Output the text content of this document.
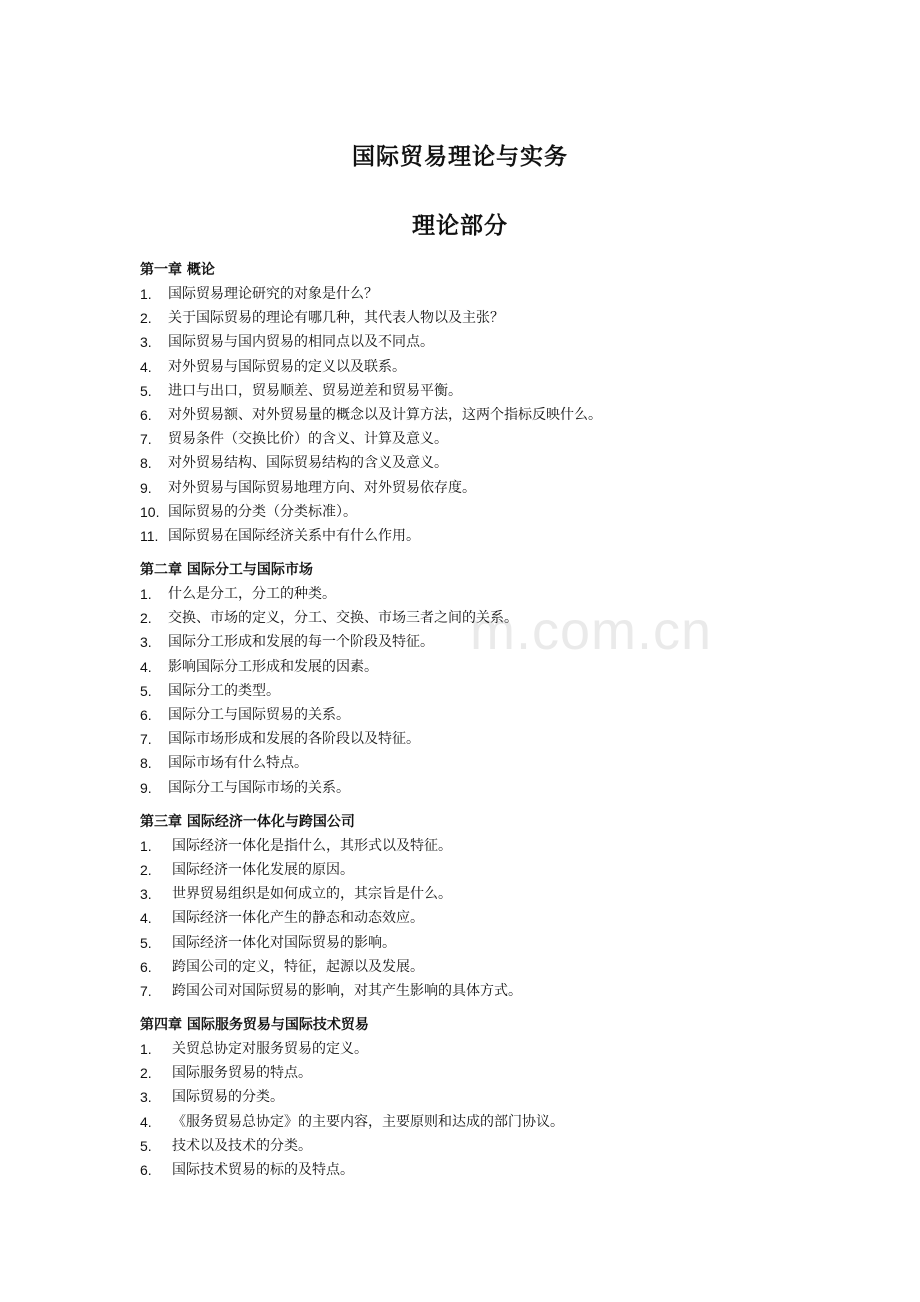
国际贸易理论与实务
理论部分
m.com.cn
第一章 概论
1.	国际贸易理论研究的对象是什么？
2.	关于国际贸易的理论有哪几种，其代表人物以及主张？
3.	国际贸易与国内贸易的相同点以及不同点。
4.	对外贸易与国际贸易的定义以及联系。
5.	进口与出口，贸易顺差、贸易逆差和贸易平衡。
6.	对外贸易额、对外贸易量的概念以及计算方法，这两个指标反映什么。
7.	贸易条件（交换比价）的含义、计算及意义。
8.	对外贸易结构、国际贸易结构的含义及意义。
9.	对外贸易与国际贸易地理方向、对外贸易依存度。
10. 国际贸易的分类（分类标准）。
11. 国际贸易在国际经济关系中有什么作用。
第二章 国际分工与国际市场
1.	什么是分工，分工的种类。
2.	交换、市场的定义，分工、交换、市场三者之间的关系。
3.	国际分工形成和发展的每一个阶段及特征。
4.	影响国际分工形成和发展的因素。
5.	国际分工的类型。
6.	国际分工与国际贸易的关系。
7.	国际市场形成和发展的各阶段以及特征。
8.	国际市场有什么特点。
9.	国际分工与国际市场的关系。
第三章 国际经济一体化与跨国公司
1.	国际经济一体化是指什么，其形式以及特征。
2.	国际经济一体化发展的原因。
3.	世界贸易组织是如何成立的，其宗旨是什么。
4.	国际经济一体化产生的静态和动态效应。
5.	国际经济一体化对国际贸易的影响。
6.	跨国公司的定义，特征，起源以及发展。
7.	跨国公司对国际贸易的影响，对其产生影响的具体方式。
第四章 国际服务贸易与国际技术贸易
1.	关贸总协定对服务贸易的定义。
2.	国际服务贸易的特点。
3.	国际贸易的分类。
4.	《服务贸易总协定》的主要内容，主要原则和达成的部门协议。
5.	技术以及技术的分类。
6.	国际技术贸易的标的及特点。
